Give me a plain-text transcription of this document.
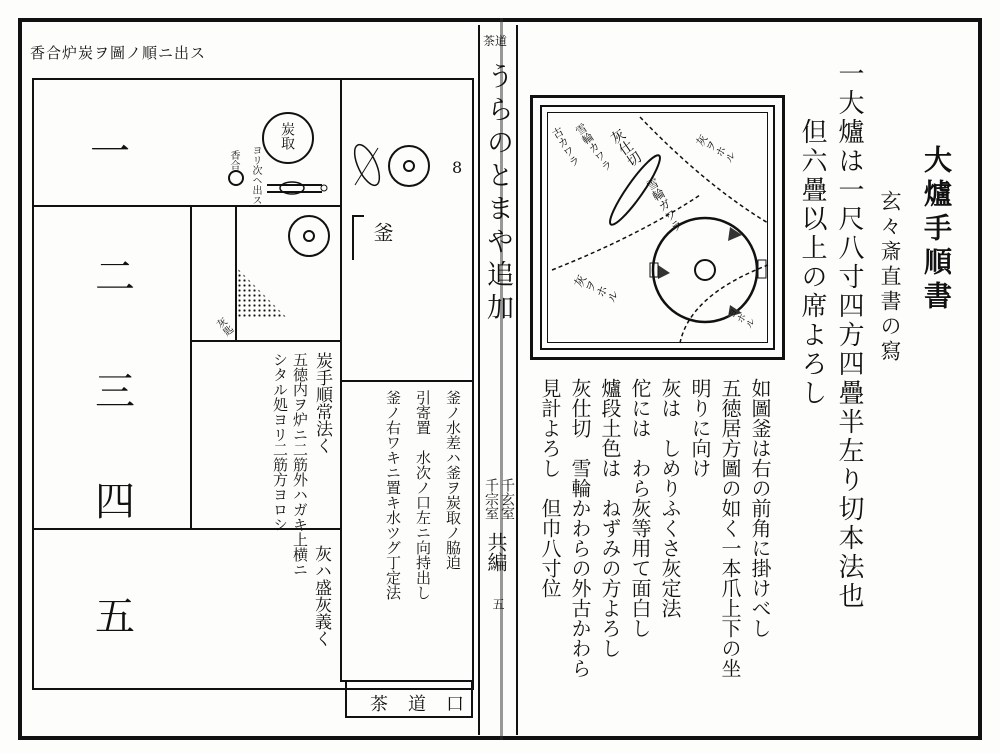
大爐手順書
玄々斎直書の寫
一大爐は一尺八寸四方四疊半左り切本法也
但六疊以上の席よろし
灰仕切
雪輪カワラ
古カワラ
雪輪ガワラ
灰ヲホル
灰ヲホル
ヨホル
如圖釜は右の前角に掛けべし
五徳居方圖の如く一本爪上下の坐
明りに向け
灰は　しめりふくさ灰定法
佗には　わら灰等用て面白し
爐段土色は　ねずみの方よろし
灰仕切　雪輪かわらの外古かわら
見計よろし　但巾八寸位
茶道
うらのとまや追加
千玄室
千宗室
共編
五
香合炉炭ヲ圖ノ順ニ出ス
一
二
三
四
五
香合 ヨリ次ヘ出ス
炭取
8
釜
灰匙
炭手順常法く
五徳内ヲ炉ニ二筋外ハガキ上横ニ
シタル処ヨリ二筋方ヨロシ	釜ノ水差ハ釜ヲ炭取ノ脇迫
引寄置　水次ノ口左ニ向持出し
釜ノ右ワキニ置キ水ツグ丁定法
灰ハ盛灰義く
茶道口
